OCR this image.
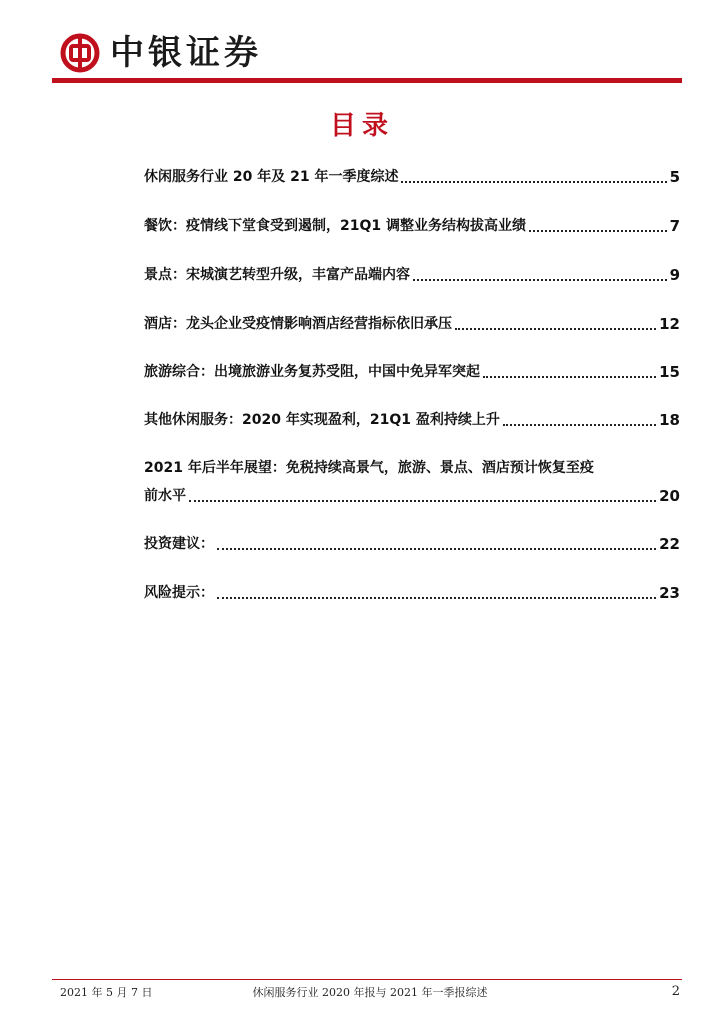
中银证券
目录
休闲服务行业 20 年及 21 年一季度综述	5
餐饮：疫情线下堂食受到遏制，21Q1 调整业务结构拔高业绩	7
景点：宋城演艺转型升级，丰富产品端内容	9
酒店：龙头企业受疫情影响酒店经营指标依旧承压	12
旅游综合：出境旅游业务复苏受阻，中国中免异军突起	15
其他休闲服务：2020 年实现盈利，21Q1 盈利持续上升	18
2021 年后半年展望：免税持续高景气，旅游、景点、酒店预计恢复至疫
前水平	20
投资建议：	22
风险提示：	23
2021 年 5 月 7 日	休闲服务行业 2020 年报与 2021 年一季报综述	2
